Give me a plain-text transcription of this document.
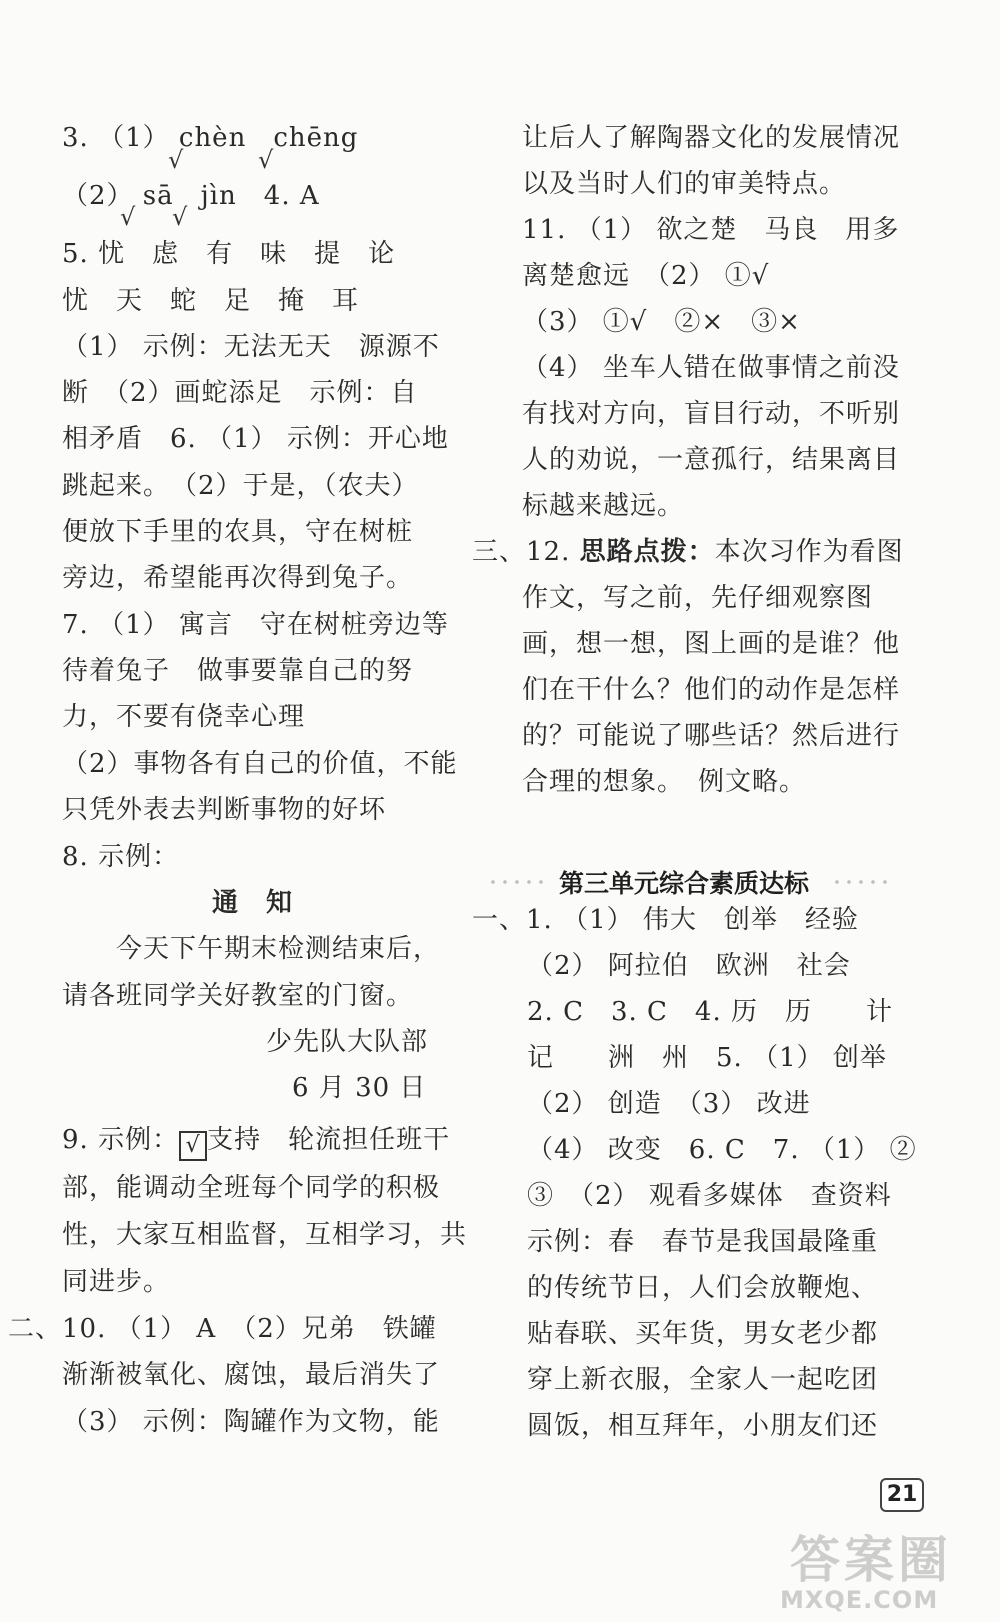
3. （1） chèn　chēng
√	√
（2） sā　jìn　4. A
√ √
5. 忧　虑　有　味　提　论
忧　天　蛇　足　掩　耳
（1） 示例：无法无天　源源不
断　（2）画蛇添足　示例：自
相矛盾　6. （1） 示例：开心地
跳起来。　（2）于是，（农夫）
便放下手里的农具，守在树桩
旁边，希望能再次得到兔子。
7. （1） 寓言　守在树桩旁边等
待着兔子　做事要靠自己的努
力，不要有侥幸心理
（2）事物各有自己的价值，不能
只凭外表去判断事物的好坏
8. 示例：
通　知
今天下午期末检测结束后，
请各班同学关好教室的门窗。
少先队大队部
6 月 30 日
9. 示例： √ 支持　轮流担任班干
部，能调动全班每个同学的积极
性，大家互相监督，互相学习，共
同进步。
二、10. （1） A　（2）兄弟　铁罐
渐渐被氧化、腐蚀，最后消失了
（3） 示例：陶罐作为文物，能
让后人了解陶器文化的发展情况
以及当时人们的审美特点。
11. （1） 欲之楚　马良　用多
离楚愈远　（2） ①√
（3） ①√　②×　③×
（4） 坐车人错在做事情之前没
有找对方向，盲目行动，不听别
人的劝说，一意孤行，结果离目
标越来越远。
三、12. 思路点拨：本次习作为看图
作文，写之前，先仔细观察图
画，想一想，图上画的是谁？他
们在干什么？他们的动作是怎样
的？可能说了哪些话？然后进行
合理的想象。　例文略。
第三单元综合素质达标
一、1. （1） 伟大　创举　经验
（2） 阿拉伯　欧洲　社会
2. C　3. C　4. 历　历　　计
记　　洲　州　5. （1） 创举
（2） 创造　（3） 改进
（4） 改变　6. C　7. （1） ②
③　（2） 观看多媒体　查资料
示例：春　春节是我国最隆重
的传统节日，人们会放鞭炮、
贴春联、买年货，男女老少都
穿上新衣服，全家人一起吃团
圆饭，相互拜年，小朋友们还
21
答案圈
MXQE.COM
